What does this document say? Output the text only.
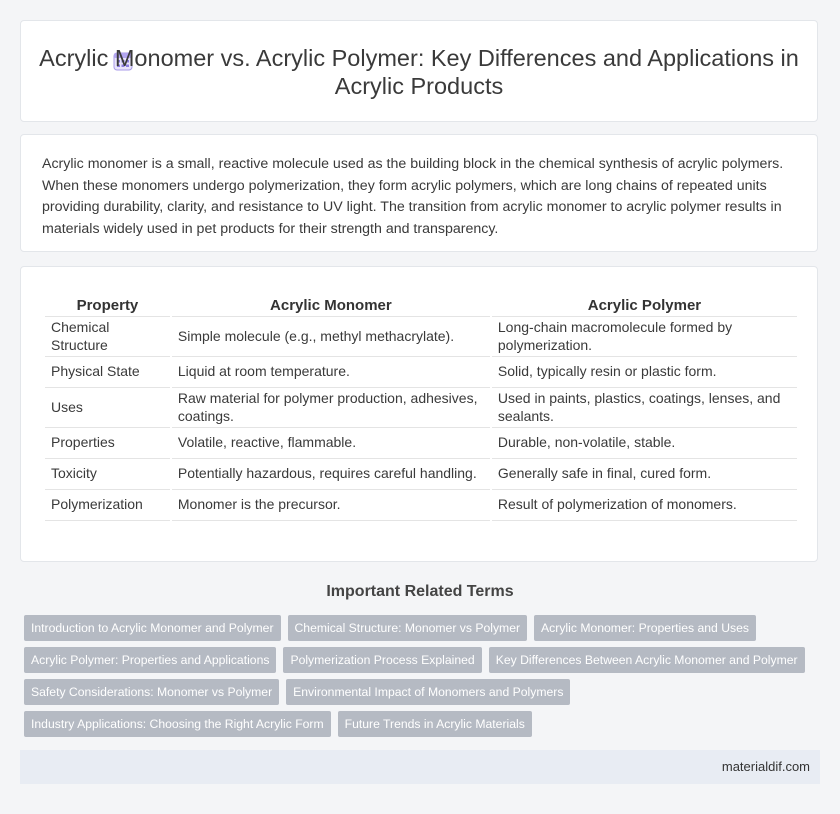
Acrylic Monomer vs. Acrylic Polymer: Key Differences and Applications in Acrylic Products

Acrylic monomer is a small, reactive molecule used as the building block in the chemical synthesis of acrylic polymers. When these monomers undergo polymerization, they form acrylic polymers, which are long chains of repeated units providing durability, clarity, and resistance to UV light. The transition from acrylic monomer to acrylic polymer results in materials widely used in pet products for their strength and transparency.

Property	Acrylic Monomer	Acrylic Polymer
Chemical Structure	Simple molecule (e.g., methyl methacrylate).	Long-chain macromolecule formed by polymerization.
Physical State	Liquid at room temperature.	Solid, typically resin or plastic form.
Uses	Raw material for polymer production, adhesives, coatings.	Used in paints, plastics, coatings, lenses, and sealants.
Properties	Volatile, reactive, flammable.	Durable, non-volatile, stable.
Toxicity	Potentially hazardous, requires careful handling.	Generally safe in final, cured form.
Polymerization	Monomer is the precursor.	Result of polymerization of monomers.
Important Related Terms
Introduction to Acrylic Monomer and Polymer	Chemical Structure: Monomer vs Polymer	Acrylic Monomer: Properties and Uses
Acrylic Polymer: Properties and Applications	Polymerization Process Explained	Key Differences Between Acrylic Monomer and Polymer
Safety Considerations: Monomer vs Polymer	Environmental Impact of Monomers and Polymers
Industry Applications: Choosing the Right Acrylic Form	Future Trends in Acrylic Materials
materialdif.com
